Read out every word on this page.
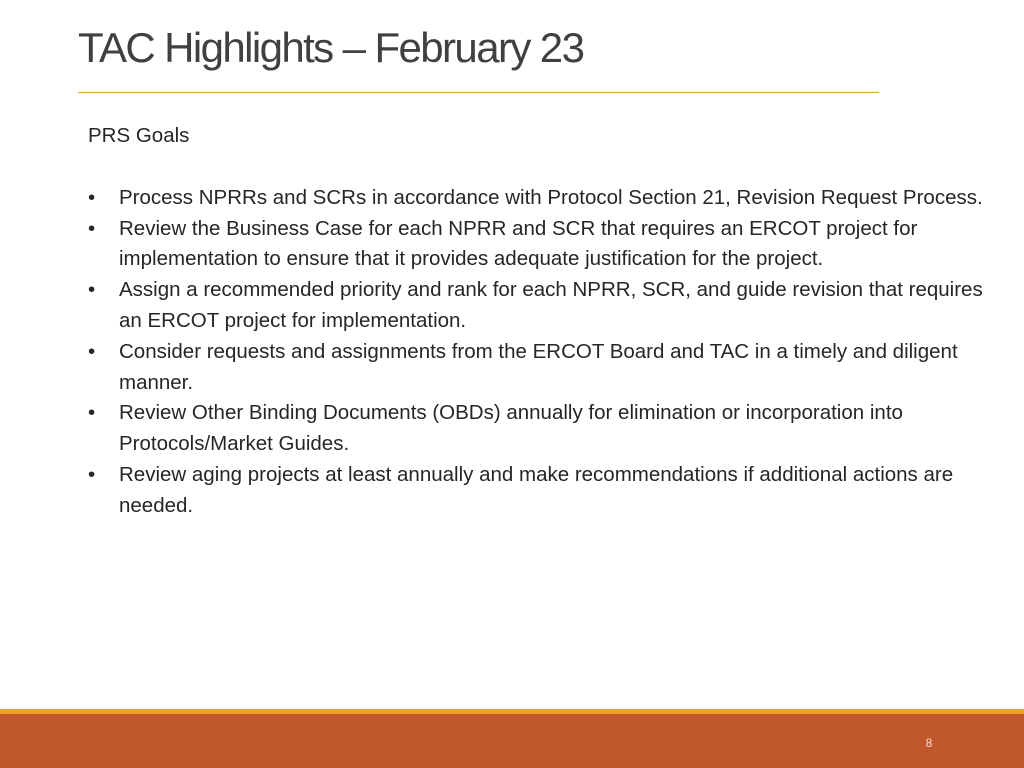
TAC Highlights – February 23

PRS Goals

•	Process NPRRs and SCRs in accordance with Protocol Section 21, Revision Request Process.
•	Review the Business Case for each NPRR and SCR that requires an ERCOT project for implementation to ensure that it provides adequate justification for the project.
•	Assign a recommended priority and rank for each NPRR, SCR, and guide revision that requires an ERCOT project for implementation.
•	Consider requests and assignments from the ERCOT Board and TAC in a timely and diligent manner.
•	Review Other Binding Documents (OBDs) annually for elimination or incorporation into Protocols/Market Guides.
•	Review aging projects at least annually and make recommendations if additional actions are needed.
8
